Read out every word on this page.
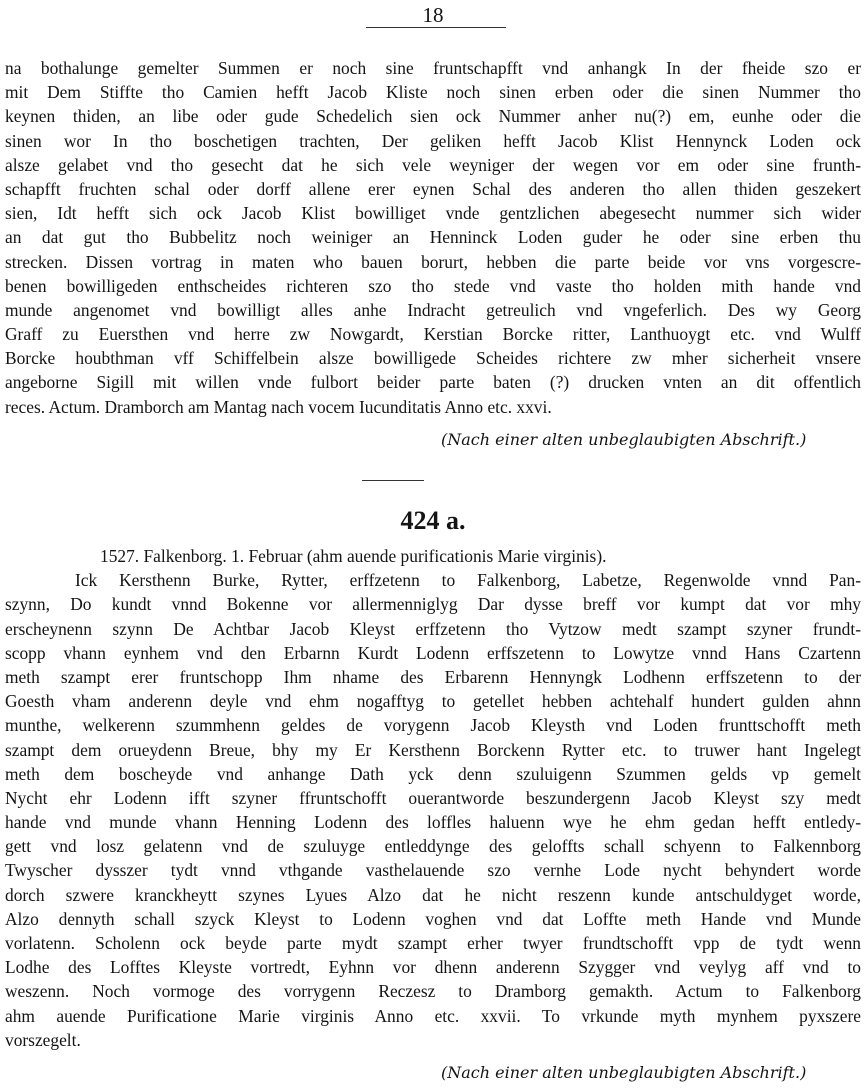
18
na bothalunge gemelter Summen er noch sine fruntschapfft vnd anhangk In der fheide szo er
mit Dem Stiffte tho Camien hefft Jacob Kliste noch sinen erben oder die sinen Nummer tho
keynen thiden, an libe oder gude Schedelich sien ock Nummer anher nu(?) em, eunhe oder die
sinen wor In tho boschetigen trachten, Der geliken hefft Jacob Klist Hennynck Loden ock
alsze gelabet vnd tho gesecht dat he sich vele weyniger der wegen vor em oder sine frunth-
schapfft fruchten schal oder dorff allene erer eynen Schal des anderen tho allen thiden geszekert
sien, Idt hefft sich ock Jacob Klist bowilliget vnde gentzlichen abegesecht nummer sich wider
an dat gut tho Bubbelitz noch weiniger an Henninck Loden guder he oder sine erben thu
strecken. Dissen vortrag in maten who bauen borurt, hebben die parte beide vor vns vorgescre-
benen bowilligeden enthscheides richteren szo tho stede vnd vaste tho holden mith hande vnd
munde angenomet vnd bowilligt alles anhe Indracht getreulich vnd vngeferlich. Des wy Georg
Graff zu Euersthen vnd herre zw Nowgardt, Kerstian Borcke ritter, Lanthuoygt etc. vnd Wulff
Borcke houbthman vff Schiffelbein alsze bowilligede Scheides richtere zw mher sicherheit vnsere
angeborne Sigill mit willen vnde fulbort beider parte baten (?) drucken vnten an dit offentlich
reces. Actum. Dramborch am Mantag nach vocem Iucunditatis Anno etc. xxvi.
(Nach einer alten unbeglaubigten Abschrift.)
424 a.
1527. Falkenborg. 1. Februar (ahm auende purificationis Marie virginis).
Ick Kersthenn Burke, Rytter, erffzetenn to Falkenborg, Labetze, Regenwolde vnnd Pan-
szynn, Do kundt vnnd Bokenne vor allermenniglyg Dar dysse breff vor kumpt dat vor mhy
erscheynenn szynn De Achtbar Jacob Kleyst erffzetenn tho Vytzow medt szampt szyner frundt-
scopp vhann eynhem vnd den Erbarnn Kurdt Lodenn erffszetenn to Lowytze vnnd Hans Czartenn
meth szampt erer fruntschopp Ihm nhame des Erbarenn Hennyngk Lodhenn erffszetenn to der
Goesth vham anderenn deyle vnd ehm nogafftyg to getellet hebben achtehalf hundert gulden ahnn
munthe, welkerenn szummhenn geldes de vorygenn Jacob Kleysth vnd Loden frunttschofft meth
szampt dem orueydenn Breue, bhy my Er Kersthenn Borckenn Rytter etc. to truwer hant Ingelegt
meth dem boscheyde vnd anhange Dath yck denn szuluigenn Szummen gelds vp gemelt
Nycht ehr Lodenn ifft szyner ffruntschofft ouerantworde beszundergenn Jacob Kleyst szy medt
hande vnd munde vhann Henning Lodenn des loffles haluenn wye he ehm gedan hefft entledy-
gett vnd losz gelatenn vnd de szuluyge entleddynge des geloffts schall schyenn to Falkennborg
Twyscher dysszer tydt vnnd vthgande vasthelauende szo vernhe Lode nycht behyndert worde
dorch szwere kranckheytt szynes Lyues Alzo dat he nicht reszenn kunde antschuldyget worde,
Alzo dennyth schall szyck Kleyst to Lodenn voghen vnd dat Loffte meth Hande vnd Munde
vorlatenn. Scholenn ock beyde parte mydt szampt erher twyer frundtschofft vpp de tydt wenn
Lodhe des Lofftes Kleyste vortredt, Eyhnn vor dhenn anderenn Szygger vnd veylyg aff vnd to
weszenn. Noch vormoge des vorrygenn Reczesz to Dramborg gemakth. Actum to Falkenborg
ahm auende Purificatione Marie virginis Anno etc. xxvii. To vrkunde myth mynhem pyxszere
vorszegelt.
(Nach einer alten unbeglaubigten Abschrift.)
